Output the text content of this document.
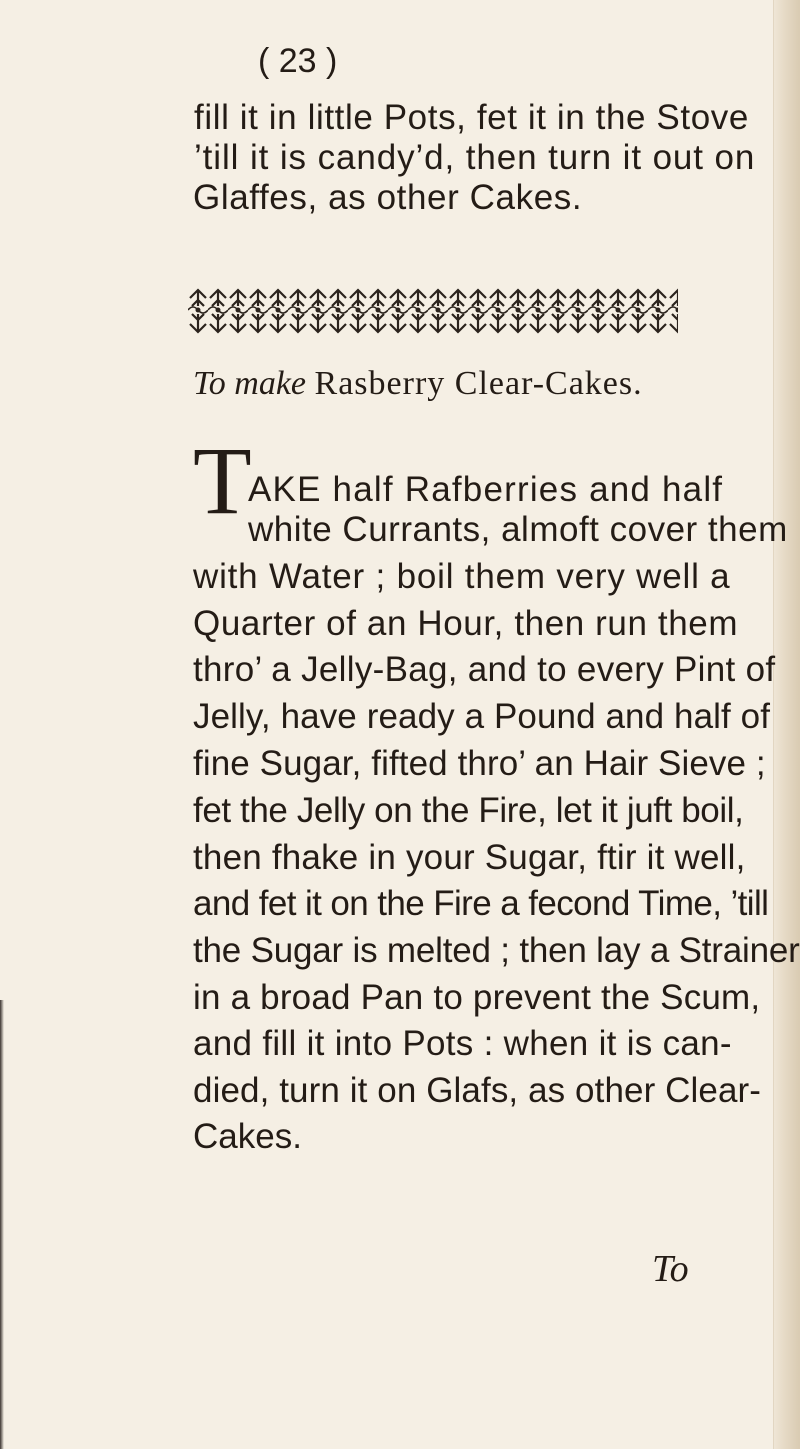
( 23 )
fill it in little Pots, fet it in the Stove
’till it is candy’d, then turn it out on
Glaffes, as other Cakes.
To make Rasberry Clear-Cakes.
T
AKE half Rafberries and half
white Currants, almoft cover them
with Water ; boil them very well a
Quarter of an Hour, then run them
thro’ a Jelly-Bag, and to every Pint of
Jelly, have ready a Pound and half of
fine Sugar, fifted thro’ an Hair Sieve ;
fet the Jelly on the Fire, let it juft boil,
then fhake in your Sugar, ftir it well,
and fet it on the Fire a fecond Time, ’till
the Sugar is melted ; then lay a Strainer
in a broad Pan to prevent the Scum,
and fill it into Pots : when it is can-
died, turn it on Glafs, as other Clear-
Cakes.
To
